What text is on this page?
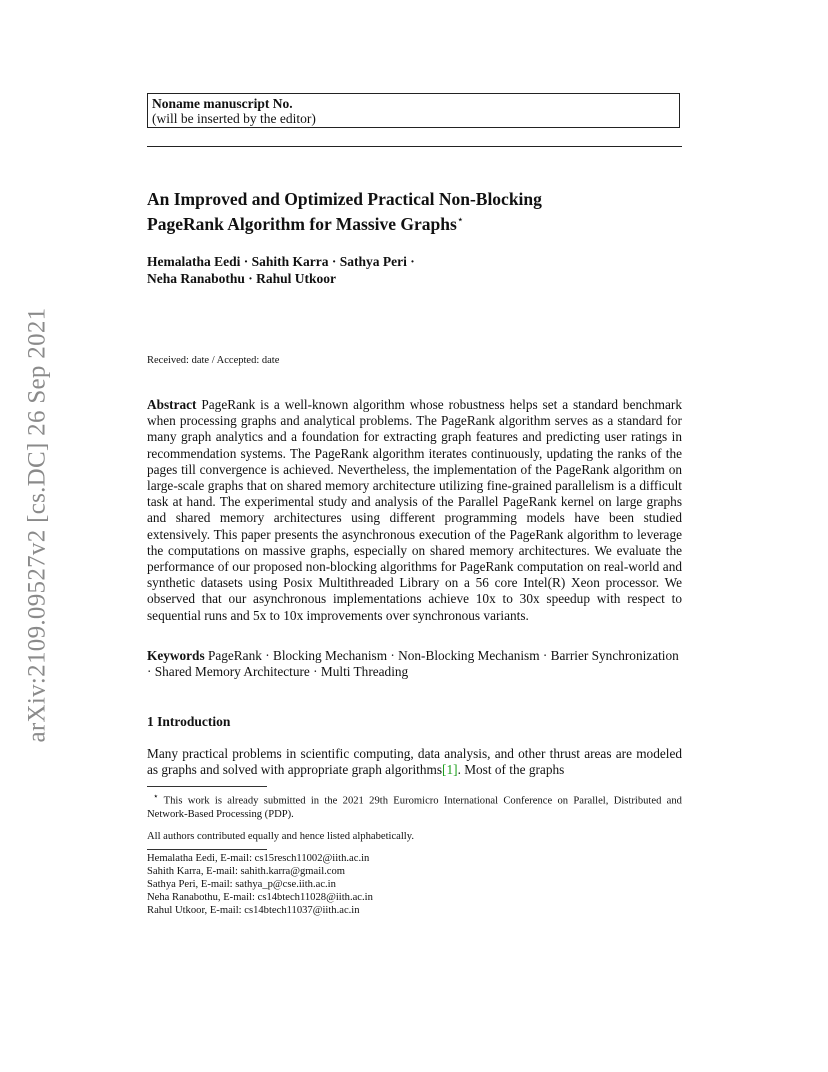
arXiv:2109.09527v2 [cs.DC] 26 Sep 2021
Noname manuscript No.
(will be inserted by the editor)
An Improved and Optimized Practical Non-Blocking
PageRank Algorithm for Massive Graphs⋆
Hemalatha Eedi · Sahith Karra · Sathya Peri ·
Neha Ranabothu · Rahul Utkoor
Received: date / Accepted: date
Abstract PageRank is a well-known algorithm whose robustness helps set a standard benchmark when processing graphs and analytical problems. The PageRank algorithm serves as a standard for many graph analytics and a foundation for extracting graph features and predicting user ratings in recommendation systems. The PageRank algorithm iterates continuously, updating the ranks of the pages till convergence is achieved. Nevertheless, the implementation of the PageRank algorithm on large-scale graphs that on shared memory architecture utilizing fine-grained parallelism is a difficult task at hand. The experimental study and analysis of the Parallel PageRank kernel on large graphs and shared memory architectures using different programming models have been studied extensively. This paper presents the asynchronous execution of the PageRank algorithm to leverage the computations on massive graphs, especially on shared memory architectures. We evaluate the performance of our proposed non-blocking algorithms for PageRank computation on real-world and synthetic datasets using Posix Multithreaded Library on a 56 core Intel(R) Xeon processor. We observed that our asynchronous implementations achieve 10x to 30x speedup with respect to sequential runs and 5x to 10x improvements over synchronous variants.
Keywords PageRank · Blocking Mechanism · Non-Blocking Mechanism · Barrier Synchronization · Shared Memory Architecture · Multi Threading
1 Introduction
Many practical problems in scientific computing, data analysis, and other thrust areas are modeled as graphs and solved with appropriate graph algorithms[1]. Most of the graphs

⋆ This work is already submitted in the 2021 29th Euromicro International Conference on Parallel, Distributed and Network-Based Processing (PDP).

All authors contributed equally and hence listed alphabetically.

Hemalatha Eedi, E-mail: cs15resch11002@iith.ac.in
Sahith Karra, E-mail: sahith.karra@gmail.com
Sathya Peri, E-mail: sathya_p@cse.iith.ac.in
Neha Ranabothu, E-mail: cs14btech11028@iith.ac.in
Rahul Utkoor, E-mail: cs14btech11037@iith.ac.in
